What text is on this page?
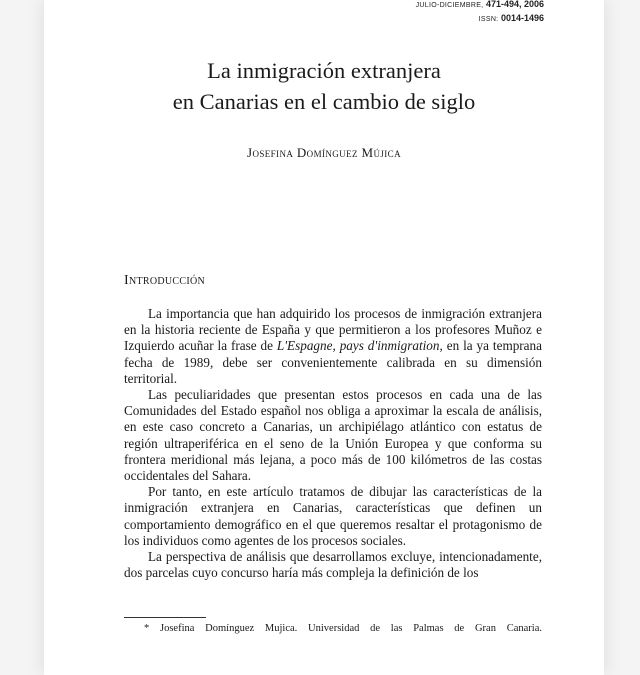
JULIO-DICIEMBRE, 471-494, 2006
ISSN: 0014-1496
La inmigración extranjera
en Canarias en el cambio de siglo
Josefina Domínguez Mújica
Introducción

La importancia que han adquirido los procesos de inmigración extranjera en la historia reciente de España y que permitieron a los profesores Muñoz e Izquierdo acuñar la frase de L'Espagne, pays d'inmigration, en la ya temprana fecha de 1989, debe ser convenientemente calibrada en su dimensión territorial.

Las peculiaridades que presentan estos procesos en cada una de las Comunidades del Estado español nos obliga a aproximar la escala de análisis, en este caso concreto a Canarias, un archipiélago atlántico con estatus de región ultraperiférica en el seno de la Unión Europea y que conforma su frontera meridional más lejana, a poco más de 100 kilómetros de las costas occidentales del Sahara.

Por tanto, en este artículo tratamos de dibujar las características de la inmigración extranjera en Canarias, características que definen un comportamiento demográfico en el que queremos resaltar el protagonismo de los individuos como agentes de los procesos sociales.

La perspectiva de análisis que desarrollamos excluye, intencionadamente, dos parcelas cuyo concurso haría más compleja la definición de los

* Josefina Domínguez Mujica. Universidad de las Palmas de Gran Canaria.
